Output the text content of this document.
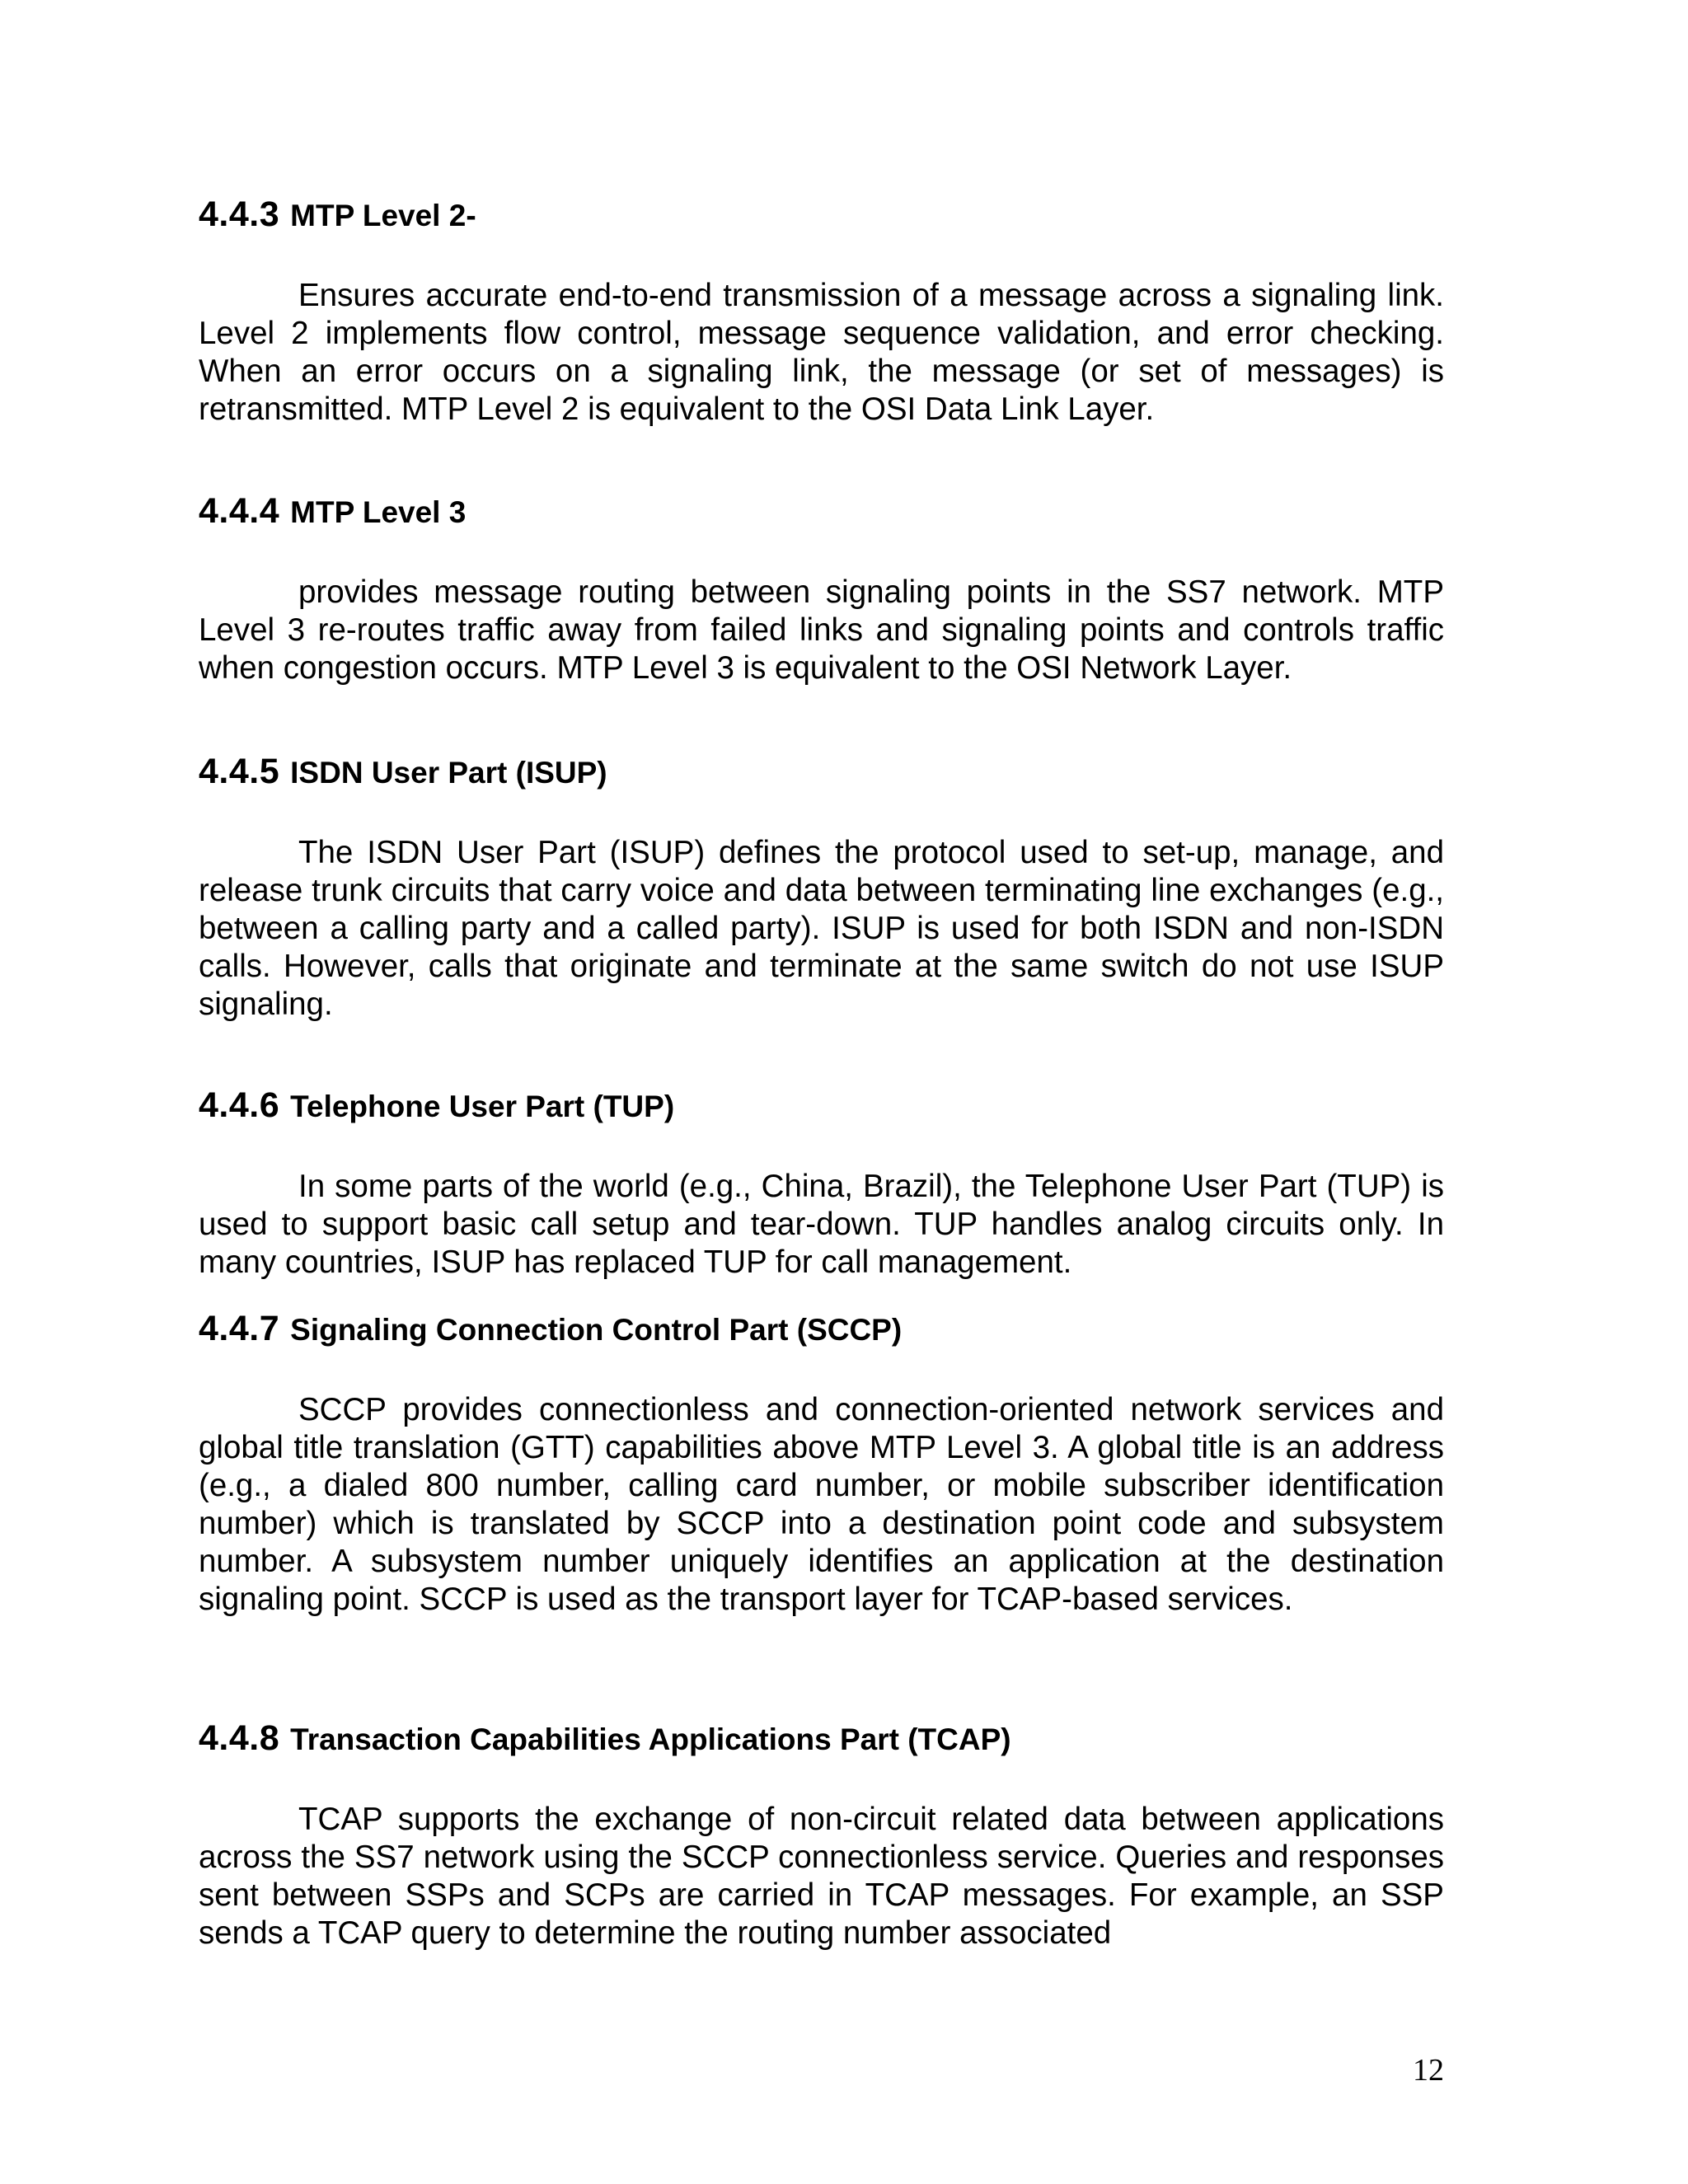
4.4.3 MTP Level 2-
Ensures accurate end-to-end transmission of a message across a signaling link. Level 2 implements flow control, message sequence validation, and error checking. When an error occurs on a signaling link, the message (or set of messages) is retransmitted. MTP Level 2 is equivalent to the OSI Data Link Layer.
4.4.4 MTP Level 3
provides message routing between signaling points in the SS7 network. MTP Level 3 re-routes traffic away from failed links and signaling points and controls traffic when congestion occurs. MTP Level 3 is equivalent to the OSI Network Layer.
4.4.5 ISDN User Part (ISUP)
The ISDN User Part (ISUP) defines the protocol used to set-up, manage, and release trunk circuits that carry voice and data between terminating line exchanges (e.g., between a calling party and a called party). ISUP is used for both ISDN and non-ISDN calls. However, calls that originate and terminate at the same switch do not use ISUP signaling.
4.4.6 Telephone User Part (TUP)
In some parts of the world (e.g., China, Brazil), the Telephone User Part (TUP) is used to support basic call setup and tear-down. TUP handles analog circuits only. In many countries, ISUP has replaced TUP for call management.
4.4.7 Signaling Connection Control Part (SCCP)
SCCP provides connectionless and connection-oriented network services and global title translation (GTT) capabilities above MTP Level 3. A global title is an address (e.g., a dialed 800 number, calling card number, or mobile subscriber identification number) which is translated by SCCP into a destination point code and subsystem number. A subsystem number uniquely identifies an application at the destination signaling point. SCCP is used as the transport layer for TCAP-based services.
4.4.8 Transaction Capabilities Applications Part (TCAP)
TCAP supports the exchange of non-circuit related data between applications across the SS7 network using the SCCP connectionless service. Queries and responses sent between SSPs and SCPs are carried in TCAP messages. For example, an SSP sends a TCAP query to determine the routing number associated
12
